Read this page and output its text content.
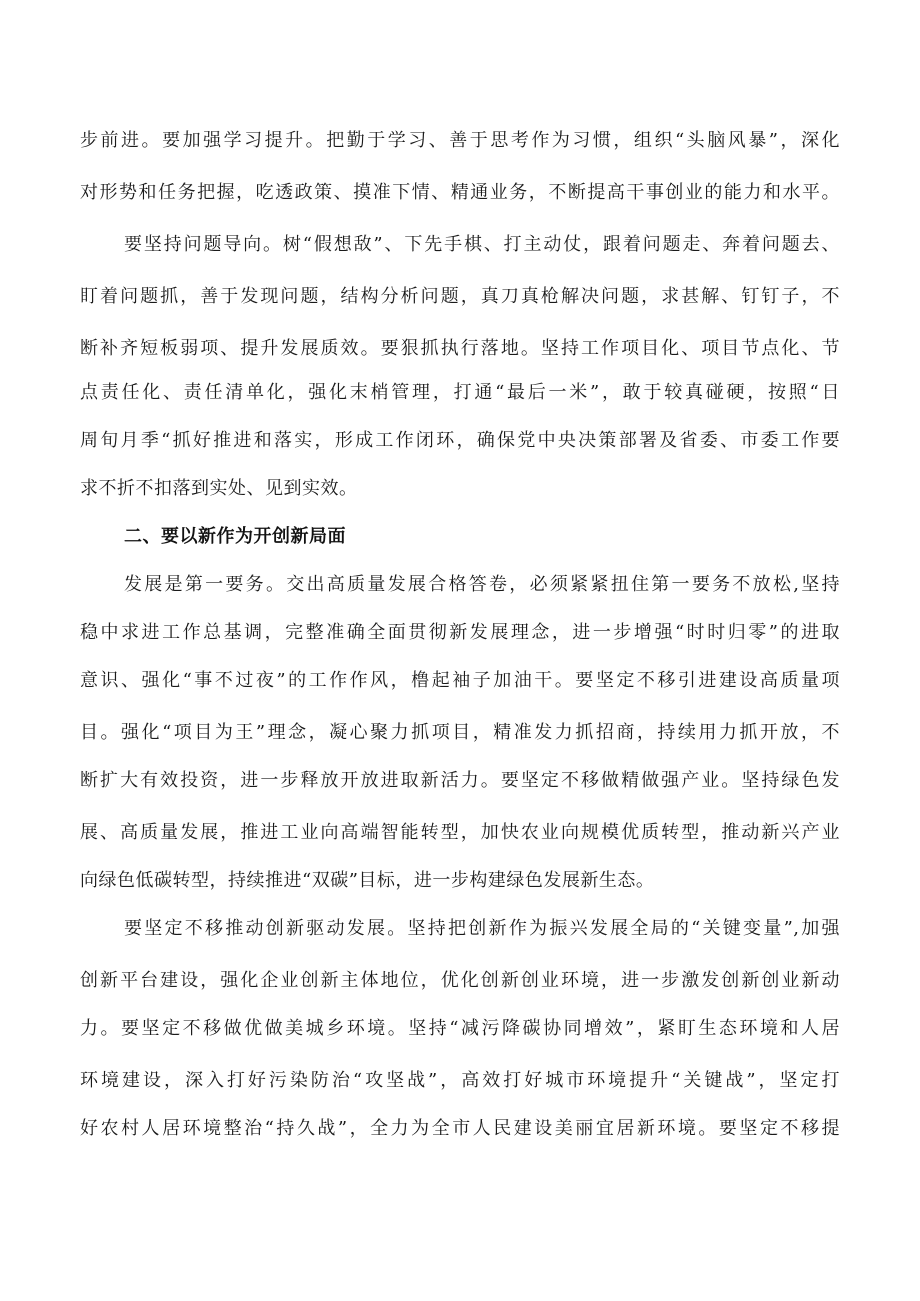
步前进。要加强学习提升。把勤于学习、善于思考作为习惯，组织“头脑风暴”，深化
对形势和任务把握，吃透政策、摸准下情、精通业务，不断提高干事创业的能力和水平。
要坚持问题导向。树“假想敌”、下先手棋、打主动仗，跟着问题走、奔着问题去、
盯着问题抓，善于发现问题，结构分析问题，真刀真枪解决问题，求甚解、钉钉子，不
断补齐短板弱项、提升发展质效。要狠抓执行落地。坚持工作项目化、项目节点化、节
点责任化、责任清单化，强化末梢管理，打通“最后一米”，敢于较真碰硬，按照“日
周旬月季“抓好推进和落实，形成工作闭环，确保党中央决策部署及省委、市委工作要
求不折不扣落到实处、见到实效。
二、要以新作为开创新局面
发展是第一要务。交出高质量发展合格答卷，必须紧紧扭住第一要务不放松,坚持
稳中求进工作总基调，完整准确全面贯彻新发展理念，进一步增强“时时归零”的进取
意识、强化“事不过夜”的工作作风，橹起袖子加油干。要坚定不移引进建设高质量项
目。强化“项目为王”理念，凝心聚力抓项目，精准发力抓招商，持续用力抓开放，不
断扩大有效投资，进一步释放开放进取新活力。要坚定不移做精做强产业。坚持绿色发
展、高质量发展，推进工业向高端智能转型，加快农业向规模优质转型，推动新兴产业
向绿色低碳转型，持续推进“双碳”目标，进一步构建绿色发展新生态。
要坚定不移推动创新驱动发展。坚持把创新作为振兴发展全局的“关键变量”,加强
创新平台建设，强化企业创新主体地位，优化创新创业环境，进一步激发创新创业新动
力。要坚定不移做优做美城乡环境。坚持“减污降碳协同增效”，紧盯生态环境和人居
环境建设，深入打好污染防治“攻坚战”，高效打好城市环境提升“关键战”，坚定打
好农村人居环境整治“持久战”，全力为全市人民建设美丽宜居新环境。要坚定不移提
